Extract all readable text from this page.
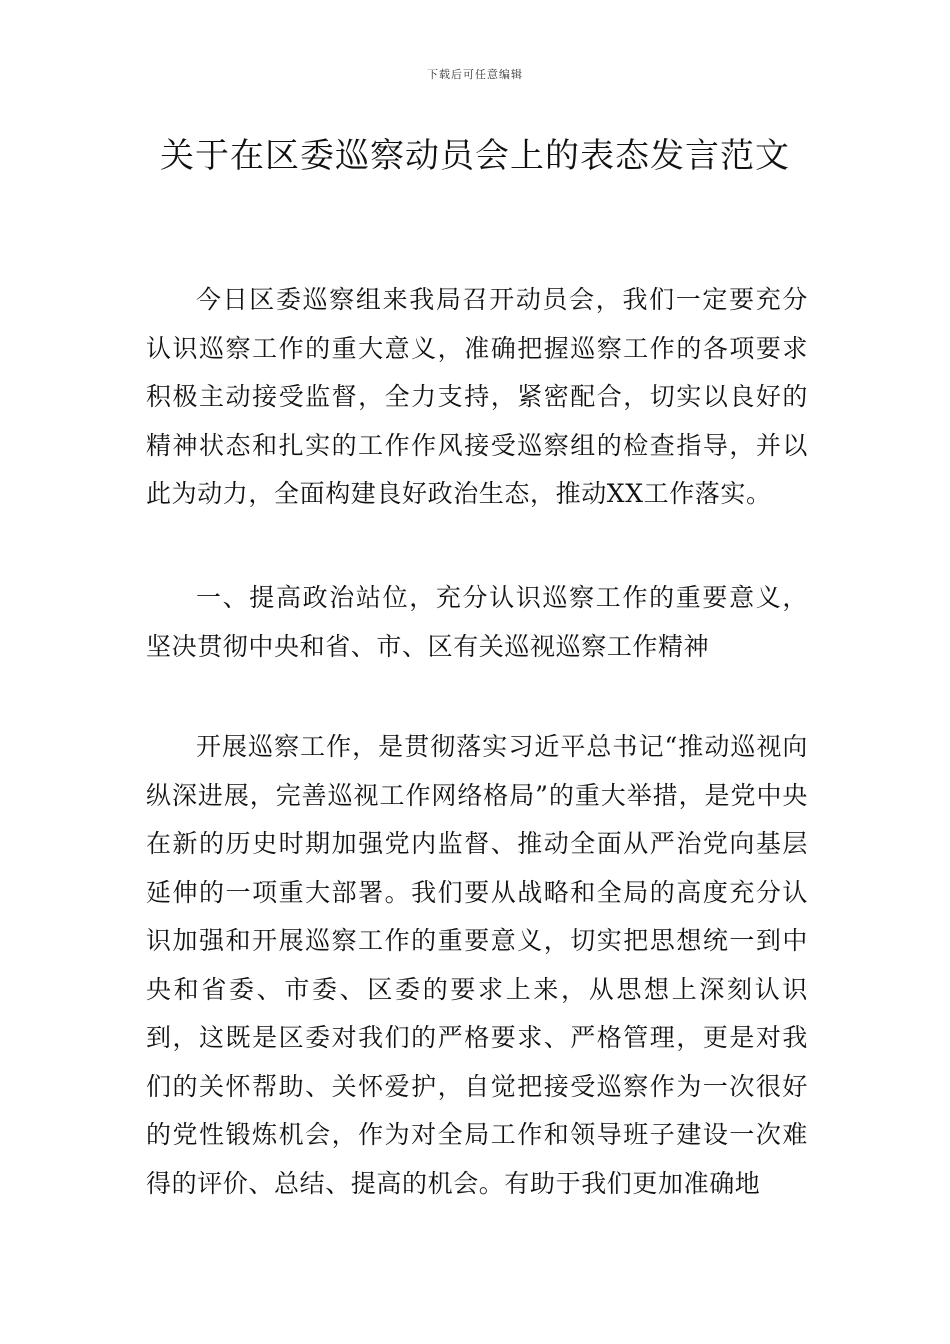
下载后可任意编辑
关于在区委巡察动员会上的表态发言范文

今日区委巡察组来我局召开动员会，我们一定要充分认识巡察工作的重大意义，准确把握巡察工作的各项要求积极主动接受监督，全力支持，紧密配合，切实以良好的精神状态和扎实的工作作风接受巡察组的检查指导，并以此为动力，全面构建良好政治生态，推动XX工作落实。

一、提高政治站位，充分认识巡察工作的重要意义，坚决贯彻中央和省、市、区有关巡视巡察工作精神

开展巡察工作，是贯彻落实习近平总书记“推动巡视向纵深进展，完善巡视工作网络格局”的重大举措，是党中央在新的历史时期加强党内监督、推动全面从严治党向基层延伸的一项重大部署。我们要从战略和全局的高度充分认识加强和开展巡察工作的重要意义，切实把思想统一到中央和省委、市委、区委的要求上来，从思想上深刻认识到，这既是区委对我们的严格要求、严格管理，更是对我们的关怀帮助、关怀爱护，自觉把接受巡察作为一次很好的党性锻炼机会，作为对全局工作和领导班子建设一次难得的评价、总结、提高的机会。有助于我们更加准确地
